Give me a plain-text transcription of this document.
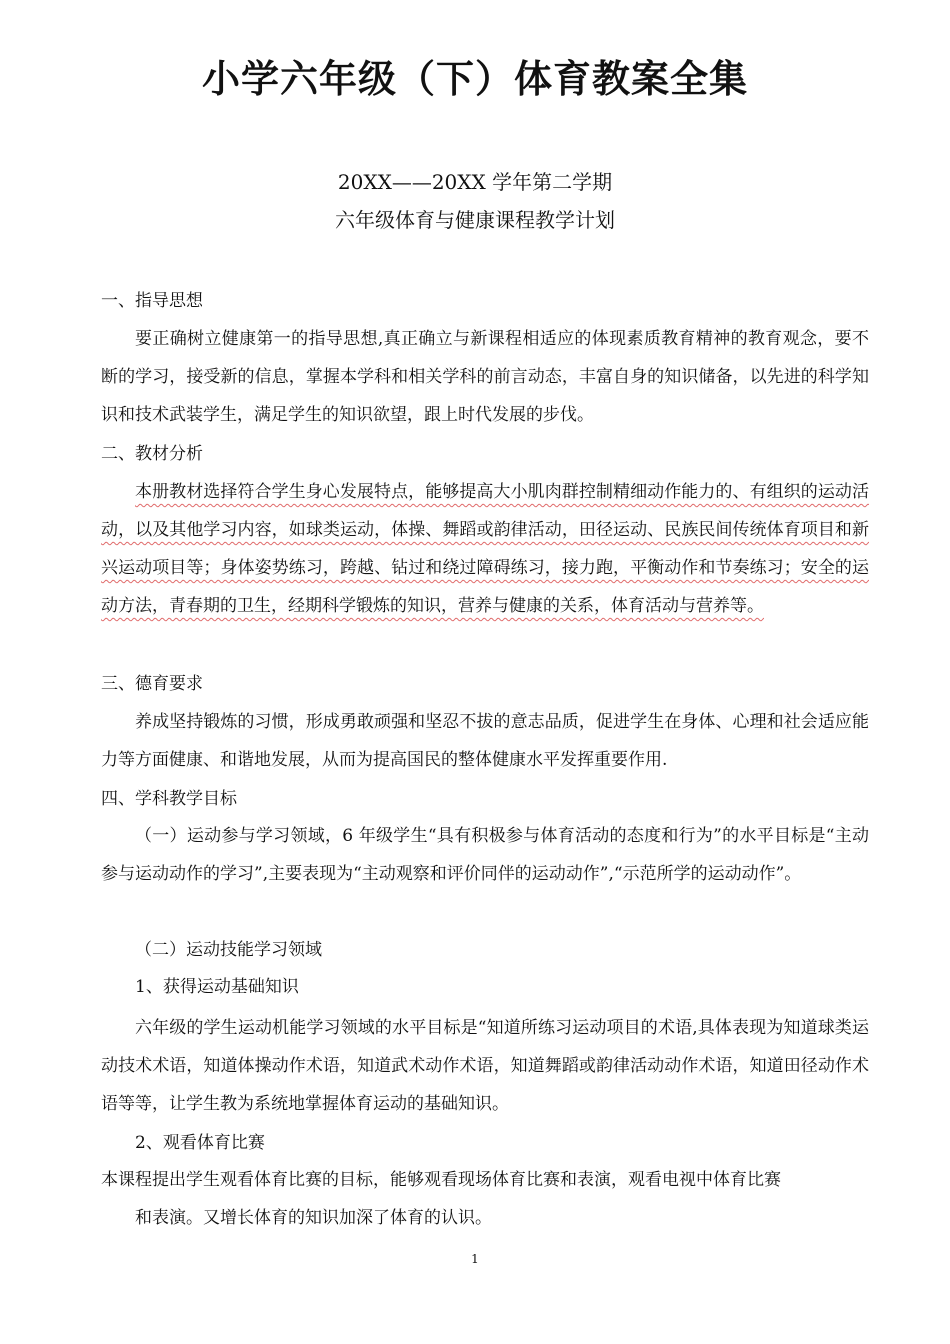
小学六年级（下）体育教案全集
20XX——20XX 学年第二学期
六年级体育与健康课程教学计划
一、指导思想

要正确树立健康第一的指导思想,真正确立与新课程相适应的体现素质教育精神的教育观念，要不断的学习，接受新的信息，掌握本学科和相关学科的前言动态，丰富自身的知识储备，以先进的科学知识和技术武装学生，满足学生的知识欲望，跟上时代发展的步伐。

二、教材分析

本册教材选择符合学生身心发展特点，能够提高大小肌肉群控制精细动作能力的、有组织的运动活动，以及其他学习内容，如球类运动，体操、舞蹈或韵律活动，田径运动、民族民间传统体育项目和新兴运动项目等；身体姿势练习，跨越、钻过和绕过障碍练习，接力跑，平衡动作和节奏练习；安全的运动方法，青春期的卫生，经期科学锻炼的知识，营养与健康的关系，体育活动与营养等。

三、德育要求

养成坚持锻炼的习惯，形成勇敢顽强和坚忍不拔的意志品质，促进学生在身体、心理和社会适应能力等方面健康、和谐地发展，从而为提高国民的整体健康水平发挥重要作用.

四、学科教学目标

（一）运动参与学习领域，6 年级学生“具有积极参与体育活动的态度和行为”的水平目标是“主动参与运动动作的学习”,主要表现为“主动观察和评价同伴的运动动作”,“示范所学的运动动作”。

（二）运动技能学习领域
1、获得运动基础知识

六年级的学生运动机能学习领域的水平目标是“知道所练习运动项目的术语,具体表现为知道球类运动技术术语，知道体操动作术语，知道武术动作术语，知道舞蹈或韵律活动动作术语，知道田径动作术语等等，让学生教为系统地掌握体育运动的基础知识。

2、观看体育比赛
本课程提出学生观看体育比赛的目标，能够观看现场体育比赛和表演，观看电视中体育比赛
和表演。又增长体育的知识加深了体育的认识。
1
